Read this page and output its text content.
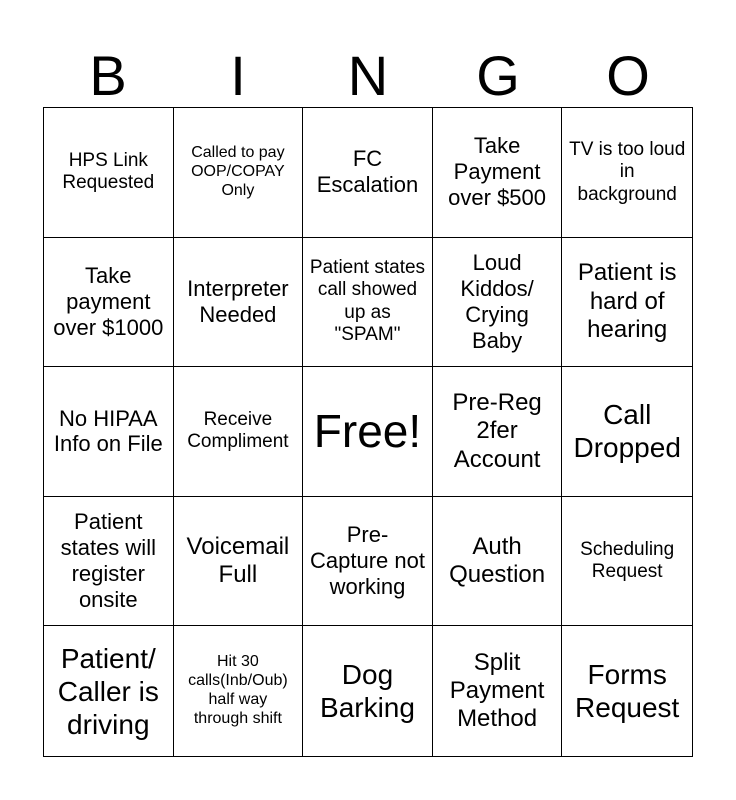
B	I	N	G	O
HPS Link Requested
Called to pay OOP/COPAY Only
FC Escalation
Take Payment over $500
TV is too loud in background
Take payment over $1000
Interpreter Needed
Patient states call showed up as "SPAM"
Loud Kiddos/ Crying Baby
Patient is hard of hearing
No HIPAA Info on File
Receive Compliment Free!
Pre-Reg 2fer Account
Call Dropped
Patient states will register onsite
Voicemail Full
Pre-Capture not working
Auth Question
Scheduling Request
Patient/ Caller is driving
Hit 30 calls(Inb/Oub) half way through shift
Dog Barking
Split Payment Method
Forms Request
